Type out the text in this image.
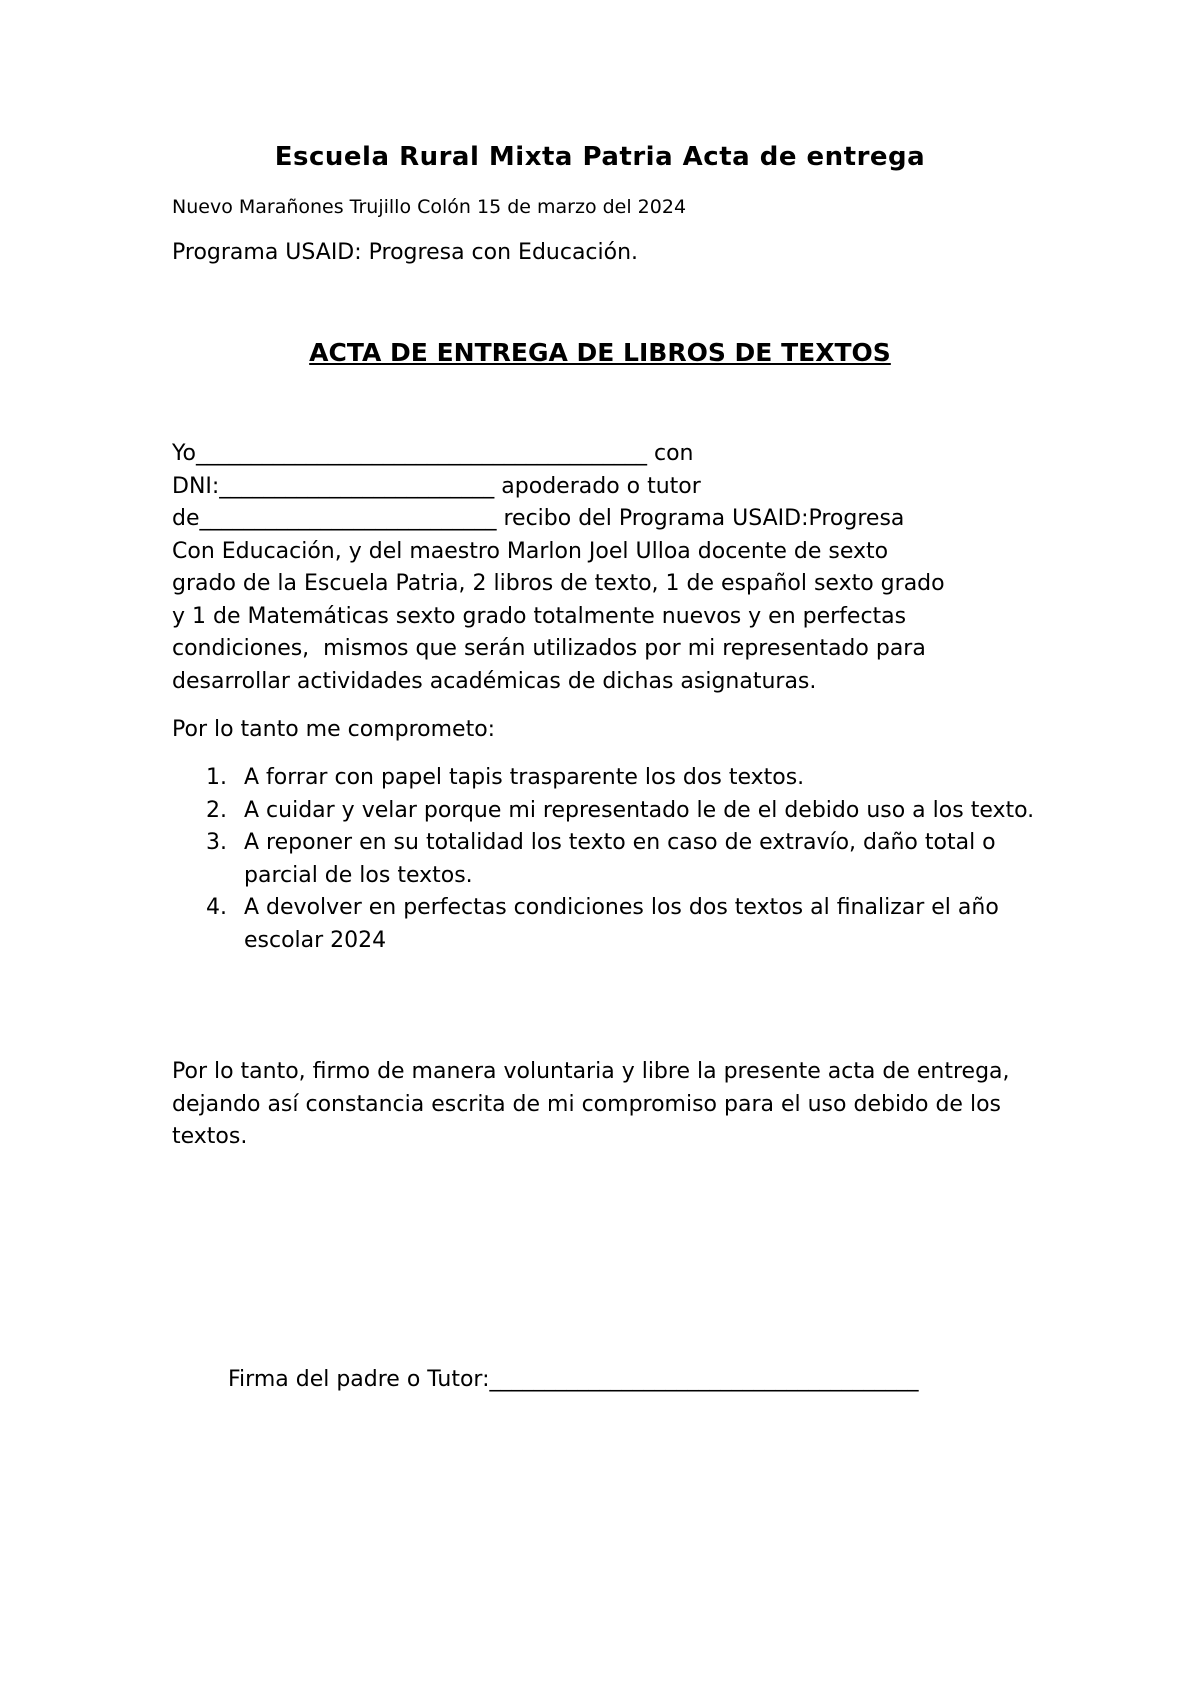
Escuela Rural Mixta Patria Acta de entrega

Nuevo Marañones Trujillo Colón 15 de marzo del 2024

Programa USAID: Progresa con Educación.

ACTA DE ENTREGA DE LIBROS DE TEXTOS

Yo_________________________________________ con
DNI:_________________________ apoderado o tutor
de___________________________ recibo del Programa USAID:Progresa
Con Educación, y del maestro Marlon Joel Ulloa docente de sexto
grado de la Escuela Patria, 2 libros de texto, 1 de español sexto grado
y 1 de Matemáticas sexto grado totalmente nuevos y en perfectas
condiciones,  mismos que serán utilizados por mi representado para
desarrollar actividades académicas de dichas asignaturas.

Por lo tanto me comprometo:

1. A forrar con papel tapis trasparente los dos textos.
2. A cuidar y velar porque mi representado le de el debido uso a los texto.
3. A reponer en su totalidad los texto en caso de extravío, daño total o parcial de los textos.
4. A devolver en perfectas condiciones los dos textos al finalizar el año escolar 2024

Por lo tanto, firmo de manera voluntaria y libre la presente acta de entrega, dejando así constancia escrita de mi compromiso para el uso debido de los textos.

Firma del padre o Tutor:_______________________________________
